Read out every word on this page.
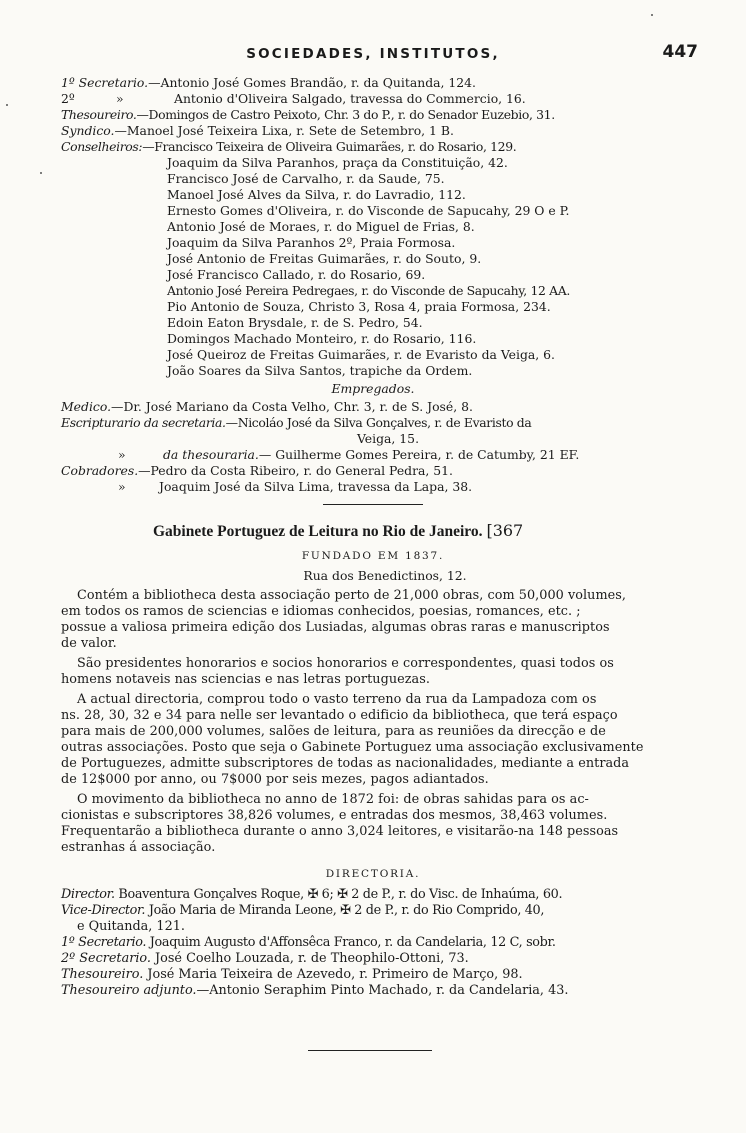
SOCIEDADES, INSTITUTOS,	447
1º Secretario.—Antonio José Gomes Brandão, r. da Quitanda, 124.
2º	»	Antonio d'Oliveira Salgado, travessa do Commercio, 16.
Thesoureiro.—Domingos de Castro Peixoto, Chr. 3 do P., r. do Senador Euzebio, 31.
Syndico.—Manoel José Teixeira Lixa, r. Sete de Setembro, 1 B.
Conselheiros:—Francisco Teixeira de Oliveira Guimarães, r. do Rosario, 129.
Joaquim da Silva Paranhos, praça da Constituição, 42.
Francisco José de Carvalho, r. da Saude, 75.
Manoel José Alves da Silva, r. do Lavradio, 112.
Ernesto Gomes d'Oliveira, r. do Visconde de Sapucahy, 29 O e P.
Antonio José de Moraes, r. do Miguel de Frias, 8.
Joaquim da Silva Paranhos 2º, Praia Formosa.
José Antonio de Freitas Guimarães, r. do Souto, 9.
José Francisco Callado, r. do Rosario, 69.
Antonio José Pereira Pedregaes, r. do Visconde de Sapucahy, 12 AA.
Pio Antonio de Souza, Christo 3, Rosa 4, praia Formosa, 234.
Edoin Eaton Brysdale, r. de S. Pedro, 54.
Domingos Machado Monteiro, r. do Rosario, 116.
José Queiroz de Freitas Guimarães, r. de Evaristo da Veiga, 6.
João Soares da Silva Santos, trapiche da Ordem.
Empregados.
Medico.—Dr. José Mariano da Costa Velho, Chr. 3, r. de S. José, 8.
Escripturario da secretaria.—Nicoláo José da Silva Gonçalves, r. de Evaristo da
Veiga, 15.
»	da thesouraria.— Guilherme Gomes Pereira, r. de Catumby, 21 EF.
Cobradores.—Pedro da Costa Ribeiro, r. do General Pedra, 51.
»	Joaquim José da Silva Lima, travessa da Lapa, 38.
Gabinete Portuguez de Leitura no Rio de Janeiro. [367
FUNDADO EM 1837.
Rua dos Benedictinos, 12.
Contém a bibliotheca desta associação perto de 21,000 obras, com 50,000 volumes,
em todos os ramos de sciencias e idiomas conhecidos, poesias, romances, etc. ;
possue a valiosa primeira edição dos Lusiadas, algumas obras raras e manuscriptos
de valor.
São presidentes honorarios e socios honorarios e correspondentes, quasi todos os
homens notaveis nas sciencias e nas letras portuguezas.
A actual directoria, comprou todo o vasto terreno da rua da Lampadoza com os
ns. 28, 30, 32 e 34 para nelle ser levantado o edificio da bibliotheca, que terá espaço
para mais de 200,000 volumes, salões de leitura, para as reuniões da direcção e de
outras associações. Posto que seja o Gabinete Portuguez uma associação exclusivamente
de Portuguezes, admitte subscriptores de todas as nacionalidades, mediante a entrada
de 12$000 por anno, ou 7$000 por seis mezes, pagos adiantados.
O movimento da bibliotheca no anno de 1872 foi: de obras sahidas para os ac-
cionistas e subscriptores 38,826 volumes, e entradas dos mesmos, 38,463 volumes.
Frequentarão a bibliotheca durante o anno 3,024 leitores, e visitarão-na 148 pessoas
estranhas á associação.
DIRECTORIA.
Director. Boaventura Gonçalves Roque, ✠ 6; ✠ 2 de P., r. do Visc. de Inhaúma, 60.
Vice-Director. João Maria de Miranda Leone, ✠ 2 de P., r. do Rio Comprido, 40,
e Quitanda, 121.
1º Secretario. Joaquim Augusto d'Affonsêca Franco, r. da Candelaria, 12 C, sobr.
2º Secretario. José Coelho Louzada, r. de Theophilo-Ottoni, 73.
Thesoureiro. José Maria Teixeira de Azevedo, r. Primeiro de Março, 98.
Thesoureiro adjunto.—Antonio Seraphim Pinto Machado, r. da Candelaria, 43.
